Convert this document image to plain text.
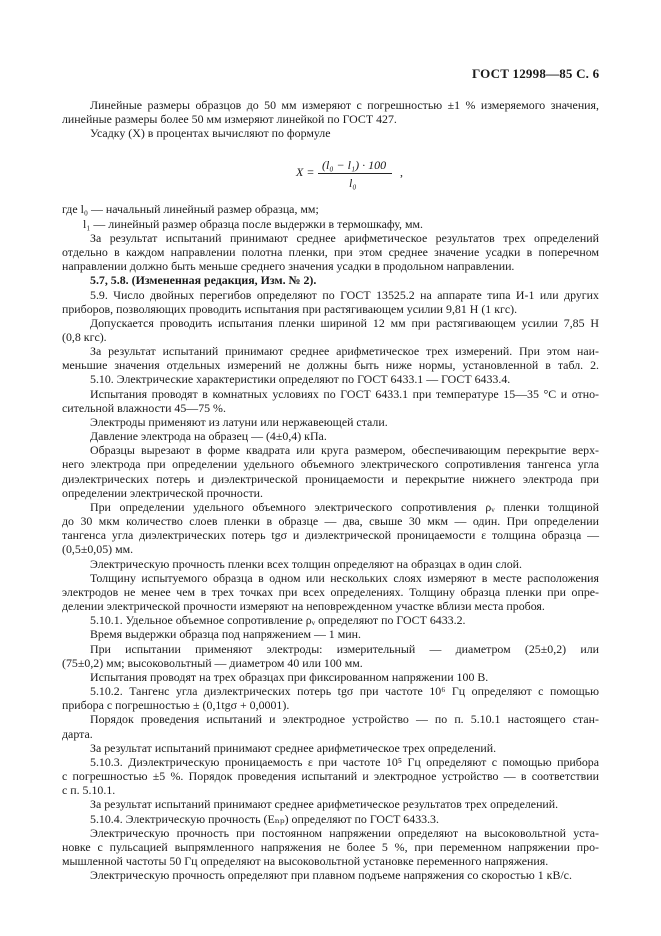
ГОСТ 12998—85 С. 6
X = (l₀ − l₁) · 100
l₀
,
Линейные размеры образцов до 50 мм измеряют с погрешностью ±1 % измеряемого значения,
линейные размеры более 50 мм измеряют линейкой по ГОСТ 427.
Усадку (X) в процентах вычисляют по формуле
где l₀ — начальный линейный размер образца, мм;
l₁ — линейный размер образца после выдержки в термошкафу, мм.
За результат испытаний принимают среднее арифметическое результатов трех определений
отдельно в каждом направлении полотна пленки, при этом среднее значение усадки в поперечном
направлении должно быть меньше среднего значения усадки в продольном направлении.
5.7, 5.8. (Измененная редакция, Изм. № 2).
5.9. Число двойных перегибов определяют по ГОСТ 13525.2 на аппарате типа И-1 или других
приборов, позволяющих проводить испытания при растягивающем усилии 9,81 Н (1 кгс).
Допускается проводить испытания пленки шириной 12 мм при растягивающем усилии 7,85 Н
(0,8 кгс).
За результат испытаний принимают среднее арифметическое трех измерений. При этом наи-
меньшие значения отдельных измерений не должны быть ниже нормы, установленной в табл. 2.
5.10. Электрические характеристики определяют по ГОСТ 6433.1 — ГОСТ 6433.4.
Испытания проводят в комнатных условиях по ГОСТ 6433.1 при температуре 15—35 °С и отно-
сительной влажности 45—75 %.
Электроды применяют из латуни или нержавеющей стали.
Давление электрода на образец — (4±0,4) кПа.
Образцы вырезают в форме квадрата или круга размером, обеспечивающим перекрытие верх-
него электрода при определении удельного объемного электрического сопротивления тангенса угла
диэлектрических потерь и диэлектрической проницаемости и перекрытие нижнего электрода при
определении электрической прочности.
При определении удельного объемного электрического сопротивления ρᵥ пленки толщиной
до 30 мкм количество слоев пленки в образце — два, свыше 30 мкм — один. При определении
тангенса угла диэлектрических потерь tgσ и диэлектрической проницаемости ε толщина образца —
(0,5±0,05) мм.
Электрическую прочность пленки всех толщин определяют на образцах в один слой.
Толщину испытуемого образца в одном или нескольких слоях измеряют в месте расположения
электродов не менее чем в трех точках при всех определениях. Толщину образца пленки при опре-
делении электрической прочности измеряют на неповрежденном участке вблизи места пробоя.
5.10.1. Удельное объемное сопротивление ρᵥ определяют по ГОСТ 6433.2.
Время выдержки образца под напряжением — 1 мин.
При испытании применяют электроды: измерительный — диаметром (25±0,2) или
(75±0,2) мм; высоковольтный — диаметром 40 или 100 мм.
Испытания проводят на трех образцах при фиксированном напряжении 100 В.
5.10.2. Тангенс угла диэлектрических потерь tgσ при частоте 10⁶ Гц определяют с помощью
прибора с погрешностью ± (0,1tgσ + 0,0001).
Порядок проведения испытаний и электродное устройство — по п. 5.10.1 настоящего стан-
дарта.
За результат испытаний принимают среднее арифметическое трех определений.
5.10.3. Диэлектрическую проницаемость ε при частоте 10⁵ Гц определяют с помощью прибора
с погрешностью ±5 %. Порядок проведения испытаний и электродное устройство — в соответствии
с п. 5.10.1.
За результат испытаний принимают среднее арифметическое результатов трех определений.
5.10.4. Электрическую прочность (Eₙₚ) определяют по ГОСТ 6433.3.
Электрическую прочность при постоянном напряжении определяют на высоковольтной уста-
новке с пульсацией выпрямленного напряжения не более 5 %, при переменном напряжении про-
мышленной частоты 50 Гц определяют на высоковольтной установке переменного напряжения.
Электрическую прочность определяют при плавном подъеме напряжения со скоростью 1 кВ/с.
